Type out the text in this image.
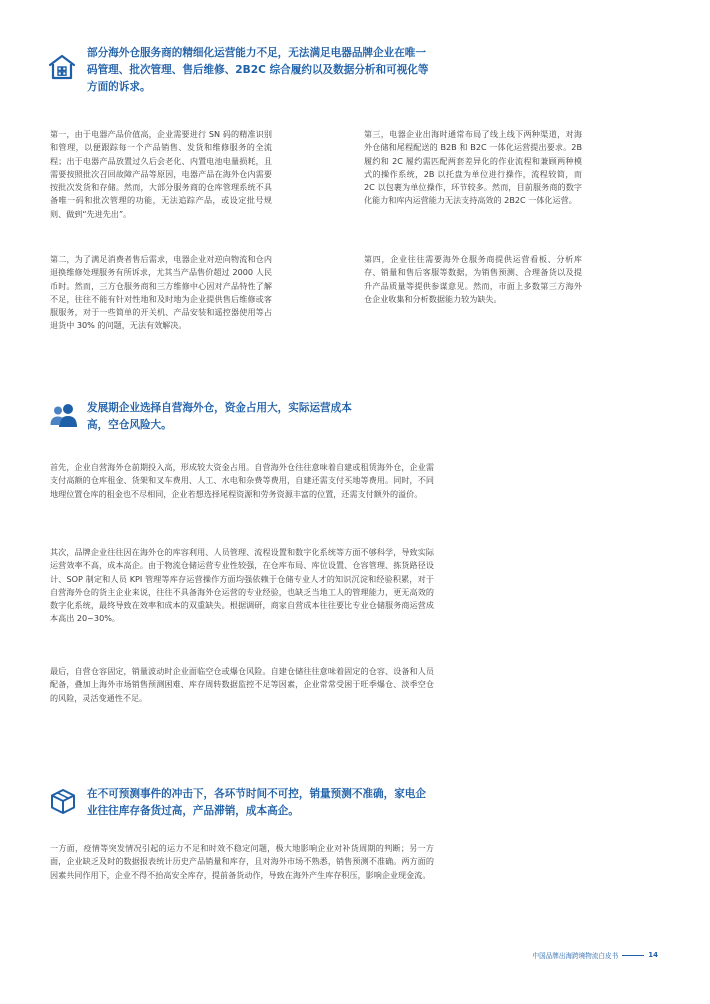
部分海外仓服务商的精细化运营能力不足，无法满足电器品牌企业在唯一码管理、批次管理、售后维修、2B2C 综合履约以及数据分析和可视化等方面的诉求。

第一，由于电器产品价值高，企业需要进行 SN 码的精准识别和管理，以便跟踪每一个产品销售、发货和维修服务的全流程；出于电器产品放置过久后会老化、内置电池电量损耗，且需要按照批次召回故障产品等原因，电器产品在海外仓内需要按批次发货和存储。然而，大部分服务商的仓库管理系统不具备唯一码和批次管理的功能，无法追踪产品，或设定批号规则、做到“先进先出”。

第二，为了满足消费者售后需求，电器企业对逆向物流和仓内退换维修处理服务有所诉求，尤其当产品售价超过 2000 人民币时。然而，三方仓服务商和三方维修中心因对产品特性了解不足，往往不能有针对性地和及时地为企业提供售后维修或客服服务，对于一些简单的开关机、产品安装和遥控器使用等占退货中 30% 的问题，无法有效解决。

第三，电器企业出海时通常布局了线上线下两种渠道，对海外仓储和尾程配送的 B2B 和 B2C 一体化运营提出要求。2B 履约和 2C 履约需匹配两套差异化的作业流程和兼顾两种模式的操作系统，2B 以托盘为单位进行操作，流程较简，而 2C 以包裹为单位操作，环节较多。然而，目前服务商的数字化能力和库内运营能力无法支持高效的 2B2C 一体化运营。

第四，企业往往需要海外仓服务商提供运营看板、分析库存、销量和售后客服等数据，为销售预测、合理备货以及提升产品质量等提供参谋意见。然而，市面上多数第三方海外仓企业收集和分析数据能力较为缺失。

发展期企业选择自营海外仓，资金占用大，实际运营成本高，空仓风险大。

首先，企业自营海外仓前期投入高，形成较大资金占用。自营海外仓往往意味着自建或租赁海外仓，企业需支付高额的仓库租金、货架和叉车费用、人工、水电和杂费等费用，自建还需支付买地等费用。同时，不同地理位置仓库的租金也不尽相同，企业若想选择尾程资源和劳务资源丰富的位置，还需支付额外的溢价。

其次，品牌企业往往因在海外仓的库容利用、人员管理、流程设置和数字化系统等方面不够科学，导致实际运营效率不高，成本高企。由于物流仓储运营专业性较强，在仓库布局、库位设置、仓容管理、拣货路径设计、SOP 制定和人员 KPI 管理等库存运营操作方面均强依赖于仓储专业人才的知识沉淀和经验积累，对于自营海外仓的货主企业来说，往往不具备海外仓运营的专业经验，也缺乏当地工人的管理能力，更无高效的数字化系统，最终导致在效率和成本的双重缺失。根据调研，商家自营成本往往要比专业仓储服务商运营成本高出 20~30%。

最后，自营仓容固定，销量波动时企业面临空仓或爆仓风险。自建仓储往往意味着固定的仓容、设备和人员配备，叠加上海外市场销售预测困难、库存周转数据监控不足等因素，企业常常受困于旺季爆仓、淡季空仓的风险，灵活变通性不足。

在不可预测事件的冲击下，各环节时间不可控，销量预测不准确，家电企业往往库存备货过高，产品滞销，成本高企。

一方面，疫情等突发情况引起的运力不足和时效不稳定问题，极大地影响企业对补货周期的判断；另一方面，企业缺乏及时的数据报表统计历史产品销量和库存，且对海外市场不熟悉，销售预测不准确。两方面的因素共同作用下，企业不得不抬高安全库存，提前备货动作，导致在海外产生库存积压，影响企业现金流。

中国品牌出海跨境物流白皮书	14
